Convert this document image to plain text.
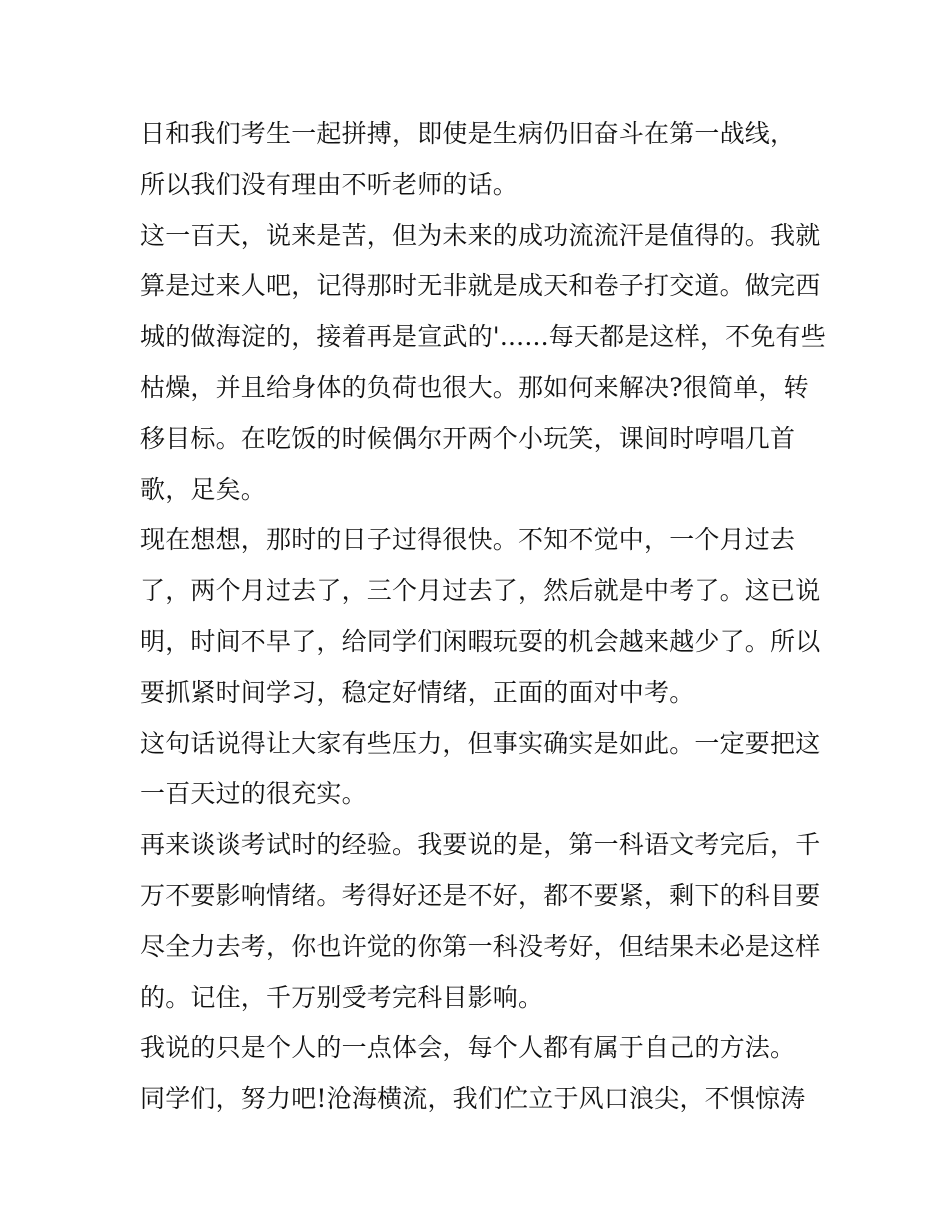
日和我们考生一起拼搏，即使是生病仍旧奋斗在第一战线，
所以我们没有理由不听老师的话。
这一百天，说来是苦，但为未来的成功流流汗是值得的。我就
算是过来人吧，记得那时无非就是成天和卷子打交道。做完西
城的做海淀的，接着再是宣武的'......每天都是这样，不免有些
枯燥，并且给身体的负荷也很大。那如何来解决?很简单，转
移目标。在吃饭的时候偶尔开两个小玩笑，课间时哼唱几首
歌，足矣。
现在想想，那时的日子过得很快。不知不觉中，一个月过去
了，两个月过去了，三个月过去了，然后就是中考了。这已说
明，时间不早了，给同学们闲暇玩耍的机会越来越少了。所以
要抓紧时间学习，稳定好情绪，正面的面对中考。
这句话说得让大家有些压力，但事实确实是如此。一定要把这
一百天过的很充实。
再来谈谈考试时的经验。我要说的是，第一科语文考完后，千
万不要影响情绪。考得好还是不好，都不要紧，剩下的科目要
尽全力去考，你也许觉的你第一科没考好，但结果未必是这样
的。记住，千万别受考完科目影响。
我说的只是个人的一点体会，每个人都有属于自己的方法。
同学们，努力吧!沧海横流，我们伫立于风口浪尖，不惧惊涛
